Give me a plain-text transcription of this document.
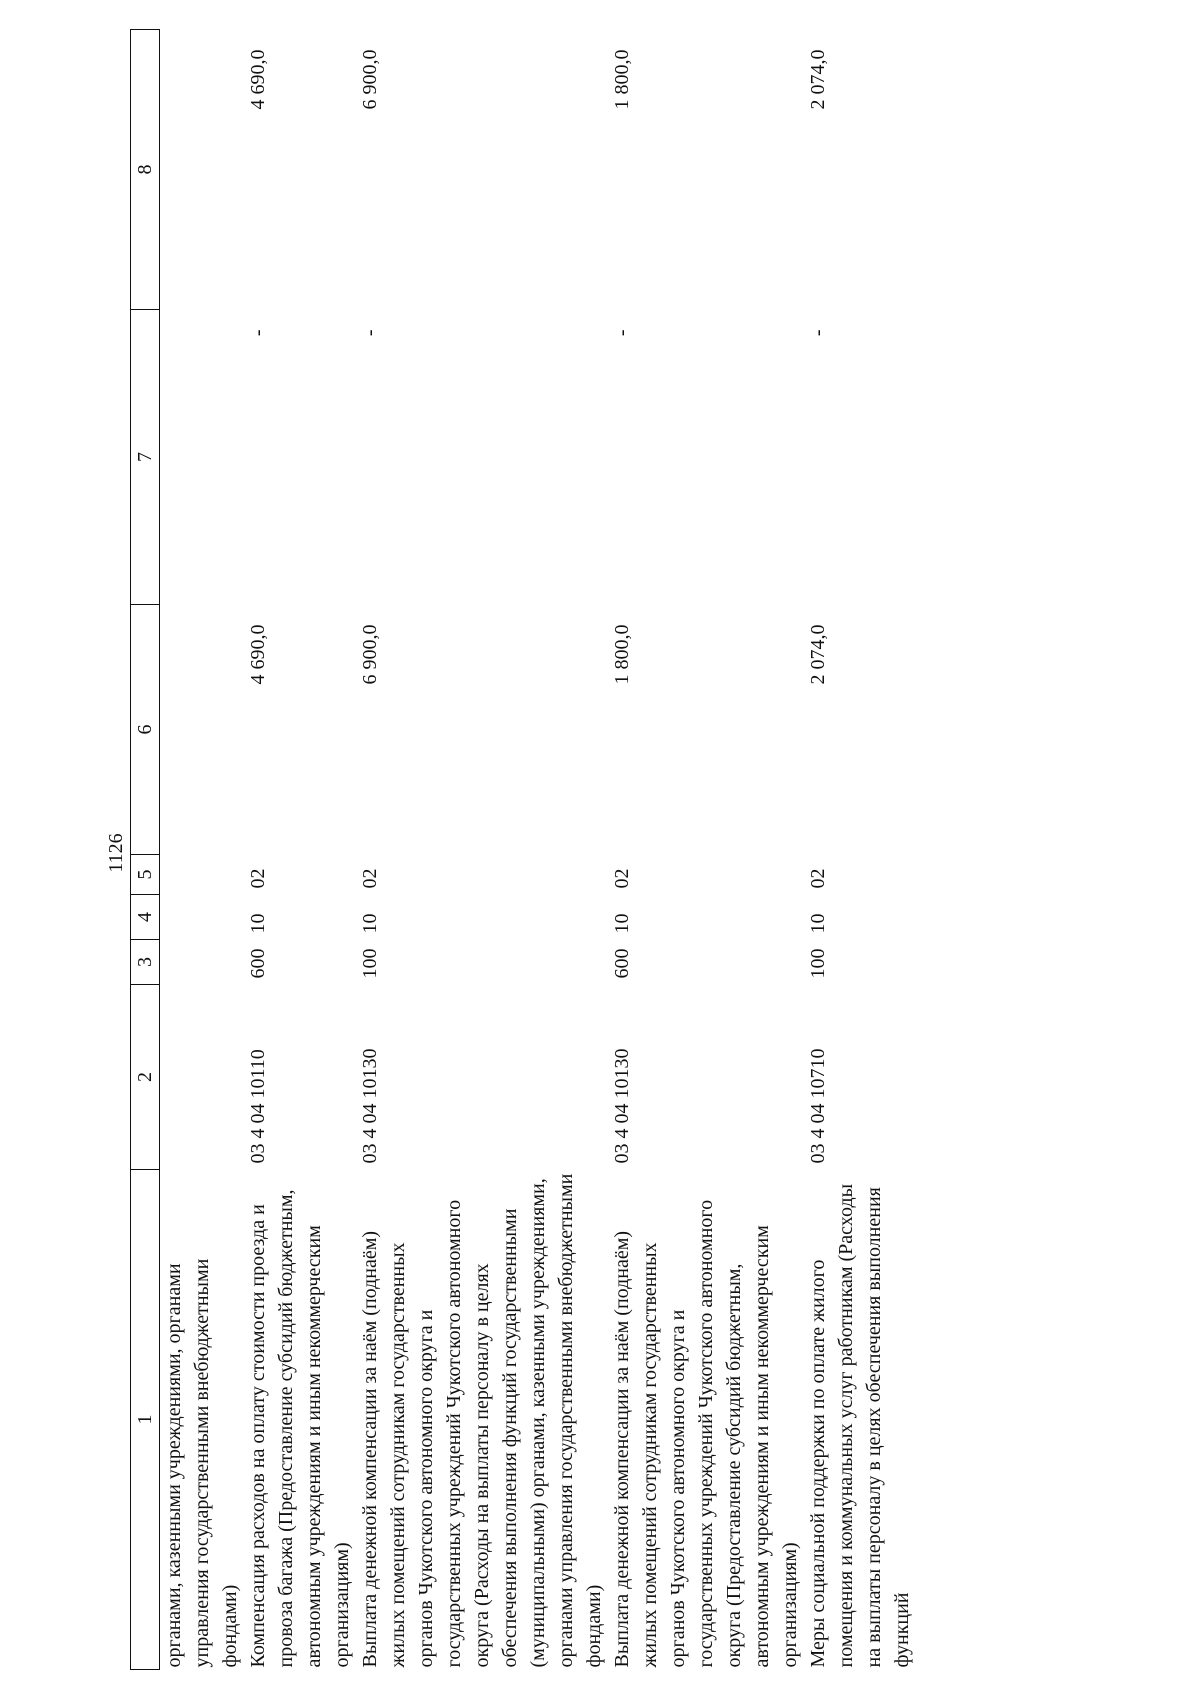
1126
1	2	3	4	5	6	7	8
органами, казенными учреждениями, органами управления государственными внебюджетными фондами)							
Компенсация расходов на оплату стоимости проезда и провоза багажа (Предоставление субсидий бюджетным, автономным учреждениям и иным некоммерческим организациям)	03 4 04 10110	600	10	02	4 690,0	-	4 690,0
Выплата денежной компенсации за наём (поднаём) жилых помещений сотрудникам государственных органов Чукотского автономного округа и государственных учреждений Чукотского автономного округа (Расходы на выплаты персоналу в целях обеспечения выполнения функций государственными (муниципальными) органами, казенными учреждениями, органами управления государственными внебюджетными фондами)	03 4 04 10130	100	10	02	6 900,0	-	6 900,0
Выплата денежной компенсации за наём (поднаём) жилых помещений сотрудникам государственных органов Чукотского автономного округа и государственных учреждений Чукотского автономного округа (Предоставление субсидий бюджетным, автономным учреждениям и иным некоммерческим организациям)	03 4 04 10130	600	10	02	1 800,0	-	1 800,0
Меры социальной поддержки по оплате жилого помещения и коммунальных услуг работникам (Расходы на выплаты персоналу в целях обеспечения выполнения функций	03 4 04 10710	100	10	02	2 074,0	-	2 074,0
